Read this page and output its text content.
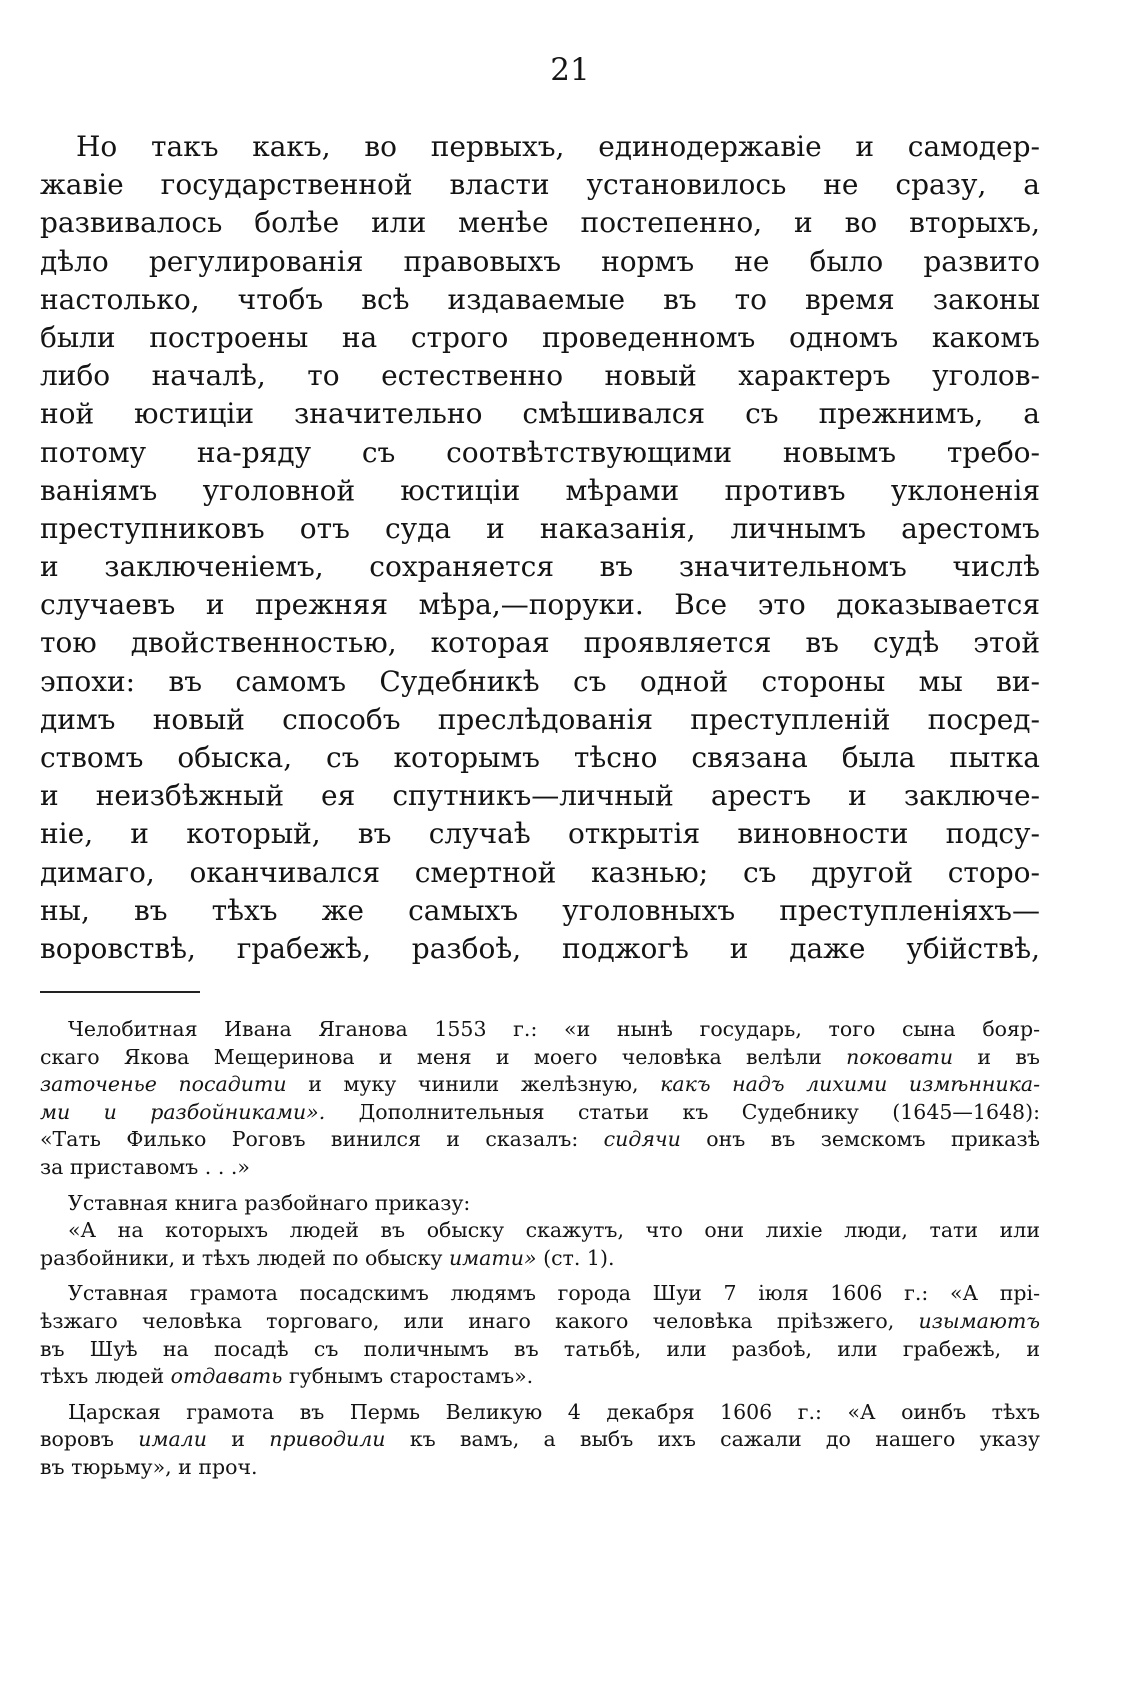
21
Но такъ какъ, во первыхъ, единодержавіе и самодер-
жавіе государственной власти установилось не сразу, а
развивалось болѣе или менѣе постепенно, и во вторыхъ,
дѣло регулированія правовыхъ нормъ не было развито
настолько, чтобъ всѣ издаваемые въ то время законы
были построены на строго проведенномъ одномъ какомъ
либо началѣ, то естественно новый характеръ уголов-
ной юстиціи значительно смѣшивался съ прежнимъ, а
потому на-ряду съ соотвѣтствующими новымъ требо-
ваніямъ уголовной юстиціи мѣрами противъ уклоненія
преступниковъ отъ суда и наказанія, личнымъ арестомъ
и заключеніемъ, сохраняется въ значительномъ числѣ
случаевъ и прежняя мѣра,—поруки. Все это доказывается
тою двойственностью, которая проявляется въ судѣ этой
эпохи: въ самомъ Судебникѣ съ одной стороны мы ви-
димъ новый способъ преслѣдованія преступленій посред-
ствомъ обыска, съ которымъ тѣсно связана была пытка
и неизбѣжный ея спутникъ—личный арестъ и заключе-
ніе, и который, въ случаѣ открытія виновности подсу-
димаго, оканчивался смертной казнью; съ другой сторо-
ны, въ тѣхъ же самыхъ уголовныхъ преступленіяхъ—
воровствѣ, грабежѣ, разбоѣ, поджогѣ и даже убійствѣ,
Челобитная Ивана Яганова 1553 г.: «и нынѣ государь, того сына бояр-
скаго Якова Мещеринова и меня и моего человѣка велѣли поковати и въ
заточенье посадити и муку чинили желѣзную, какъ надъ лихими измѣнника-
ми и разбойниками». Дополнительныя статьи къ Судебнику (1645—1648):
«Тать Филько Роговъ винился и сказалъ: сидячи онъ въ земскомъ приказѣ
за приставомъ . . .»
Уставная книга разбойнаго приказу:
«А на которыхъ людей въ обыску скажутъ, что они лихіе люди, тати или
разбойники, и тѣхъ людей по обыску имати» (ст. 1).
Уставная грамота посадскимъ людямъ города Шуи 7 іюля 1606 г.: «А прі-
ѣзжаго человѣка торговаго, или инаго какого человѣка пріѣзжего, изымаютъ
въ Шуѣ на посадѣ съ поличнымъ въ татьбѣ, или разбоѣ, или грабежѣ, и
тѣхъ людей отдавать губнымъ старостамъ».
Царская грамота въ Пермь Великую 4 декабря 1606 г.: «А оинбъ тѣхъ
воровъ имали и приводили къ вамъ, а выбъ ихъ сажали до нашего указу
въ тюрьму», и проч.
